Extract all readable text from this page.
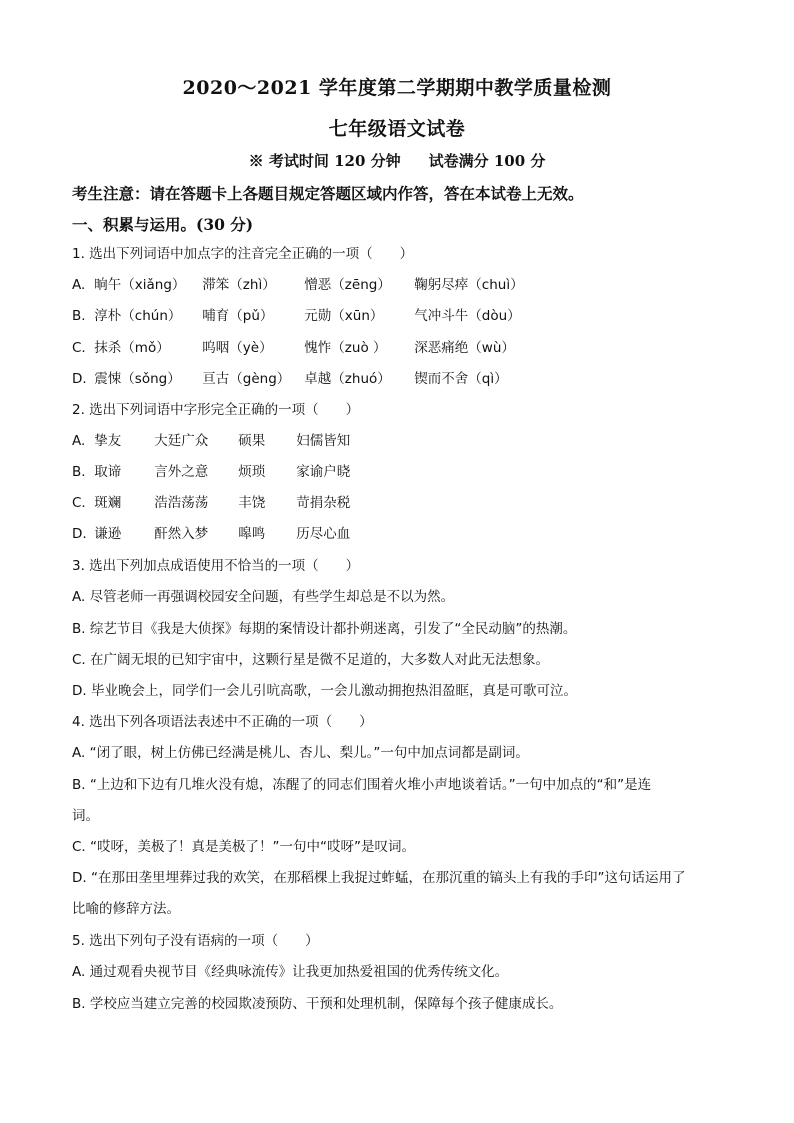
2020～2021 学年度第二学期期中教学质量检测
七年级语文试卷
※ 考试时间 120 分钟 试卷满分 100 分
考生注意：请在答题卡上各题目规定答题区域内作答，答在本试卷上无效。
一、积累与运用。(30 分)
1. 选出下列词语中加点字的注音完全正确的一项（　　）
A. 晌午（xiǎng） 滞笨（zhì） 憎恶（zēng） 鞠躬尽瘁（chuì）
B. 淳朴（chún） 哺育（pǔ） 元勋（xūn） 气冲斗牛（dòu）
C. 抹杀（mǒ） 呜咽（yè） 愧怍（zuò ） 深恶痛绝（wù）
D. 震悚（sǒng） 亘古（gèng） 卓越（zhuó） 锲而不舍（qì）
2. 选出下列词语中字形完全正确的一项（　　）
A. 挚友 大廷广众 硕果 妇儒皆知
B. 取谛 言外之意 烦琐 家谕户晓
C. 斑斓 浩浩荡荡 丰饶 苛捐杂税
D. 谦逊 酐然入梦 嗥鸣 历尽心血
3. 选出下列加点成语使用不恰当的一项（　　）
A. 尽管老师一再强调校园安全问题，有些学生却总是不以为然。
B. 综艺节目《我是大侦探》每期的案情设计都扑朔迷离，引发了“全民动脑”的热潮。
C. 在广阔无垠的已知宇宙中，这颗行星是微不足道的，大多数人对此无法想象。
D. 毕业晚会上，同学们一会儿引吭高歌，一会儿激动拥抱热泪盈眶，真是可歌可泣。
4. 选出下列各项语法表述中不正确的一项（　　）
A. “闭了眼，树上仿佛已经满是桃儿、杏儿、梨儿。”一句中加点词都是副词。
B. “上边和下边有几堆火没有熄，冻醒了的同志们围着火堆小声地谈着话。”一句中加点的“和”是连
词。
C. “哎呀，美极了！真是美极了！”一句中“哎呀”是叹词。
D. “在那田垄里埋葬过我的欢笑，在那稻棵上我捉过蚱蜢，在那沉重的镐头上有我的手印”这句话运用了
比喻的修辞方法。
5. 选出下列句子没有语病的一项（　　）
A. 通过观看央视节目《经典咏流传》让我更加热爱祖国的优秀传统文化。
B. 学校应当建立完善的校园欺凌预防、干预和处理机制，保障每个孩子健康成长。
